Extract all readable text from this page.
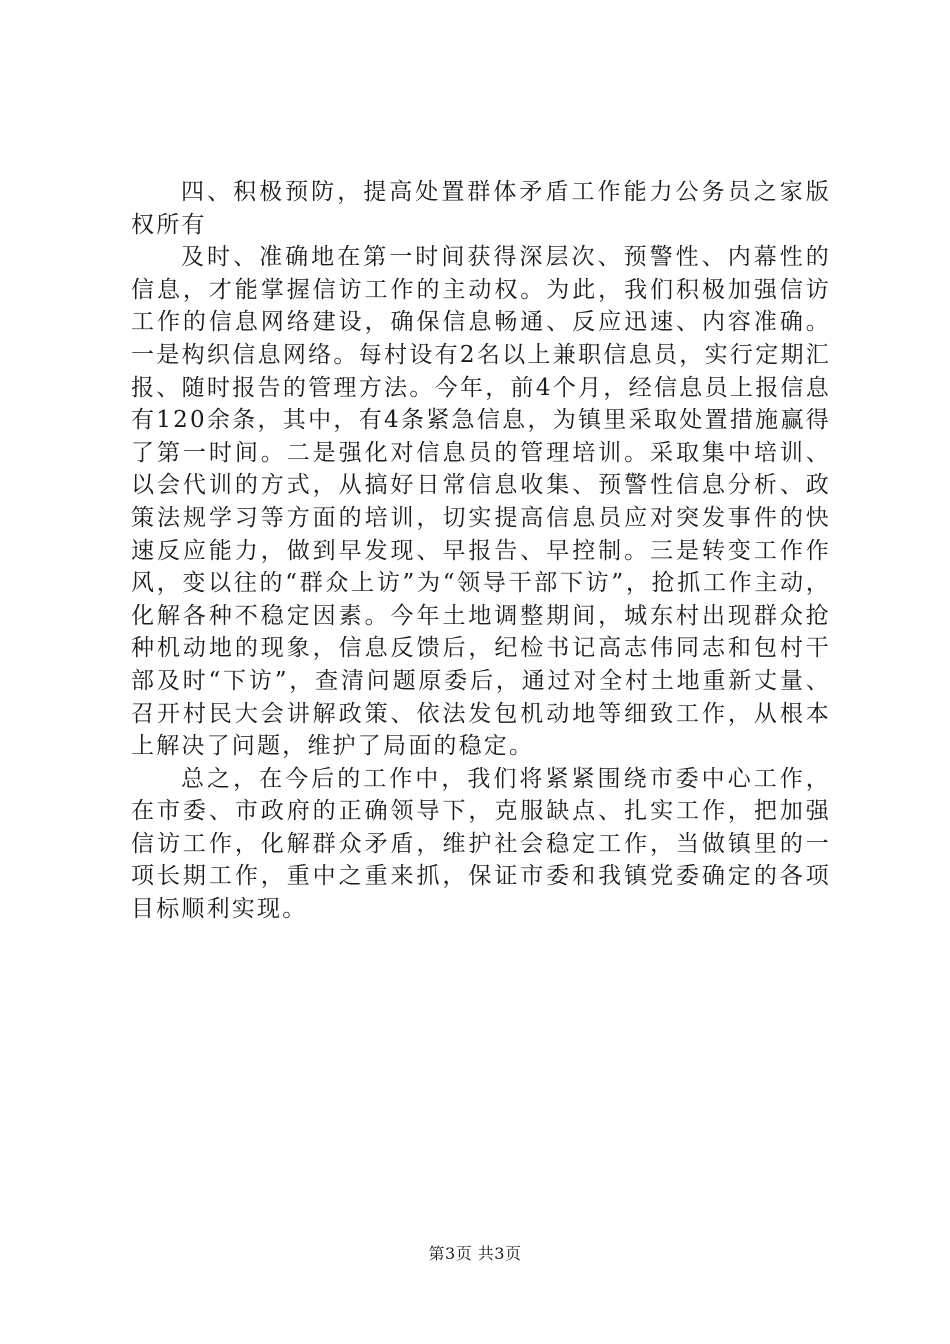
四、积极预防，提高处置群体矛盾工作能力公务员之家版权所有

及时、准确地在第一时间获得深层次、预警性、内幕性的信息，才能掌握信访工作的主动权。为此，我们积极加强信访工作的信息网络建设，确保信息畅通、反应迅速、内容准确。一是构织信息网络。每村设有2名以上兼职信息员，实行定期汇报、随时报告的管理方法。今年，前4个月，经信息员上报信息有120余条，其中，有4条紧急信息，为镇里采取处置措施赢得了第一时间。二是强化对信息员的管理培训。采取集中培训、以会代训的方式，从搞好日常信息收集、预警性信息分析、政策法规学习等方面的培训，切实提高信息员应对突发事件的快速反应能力，做到早发现、早报告、早控制。三是转变工作作风，变以往的“群众上访”为“领导干部下访”，抢抓工作主动，化解各种不稳定因素。今年土地调整期间，城东村出现群众抢种机动地的现象，信息反馈后，纪检书记高志伟同志和包村干部及时“下访”，查清问题原委后，通过对全村土地重新丈量、召开村民大会讲解政策、依法发包机动地等细致工作，从根本上解决了问题，维护了局面的稳定。

总之，在今后的工作中，我们将紧紧围绕市委中心工作，在市委、市政府的正确领导下，克服缺点、扎实工作，把加强信访工作，化解群众矛盾，维护社会稳定工作，当做镇里的一项长期工作，重中之重来抓，保证市委和我镇党委确定的各项目标顺利实现。

第3页 共3页
